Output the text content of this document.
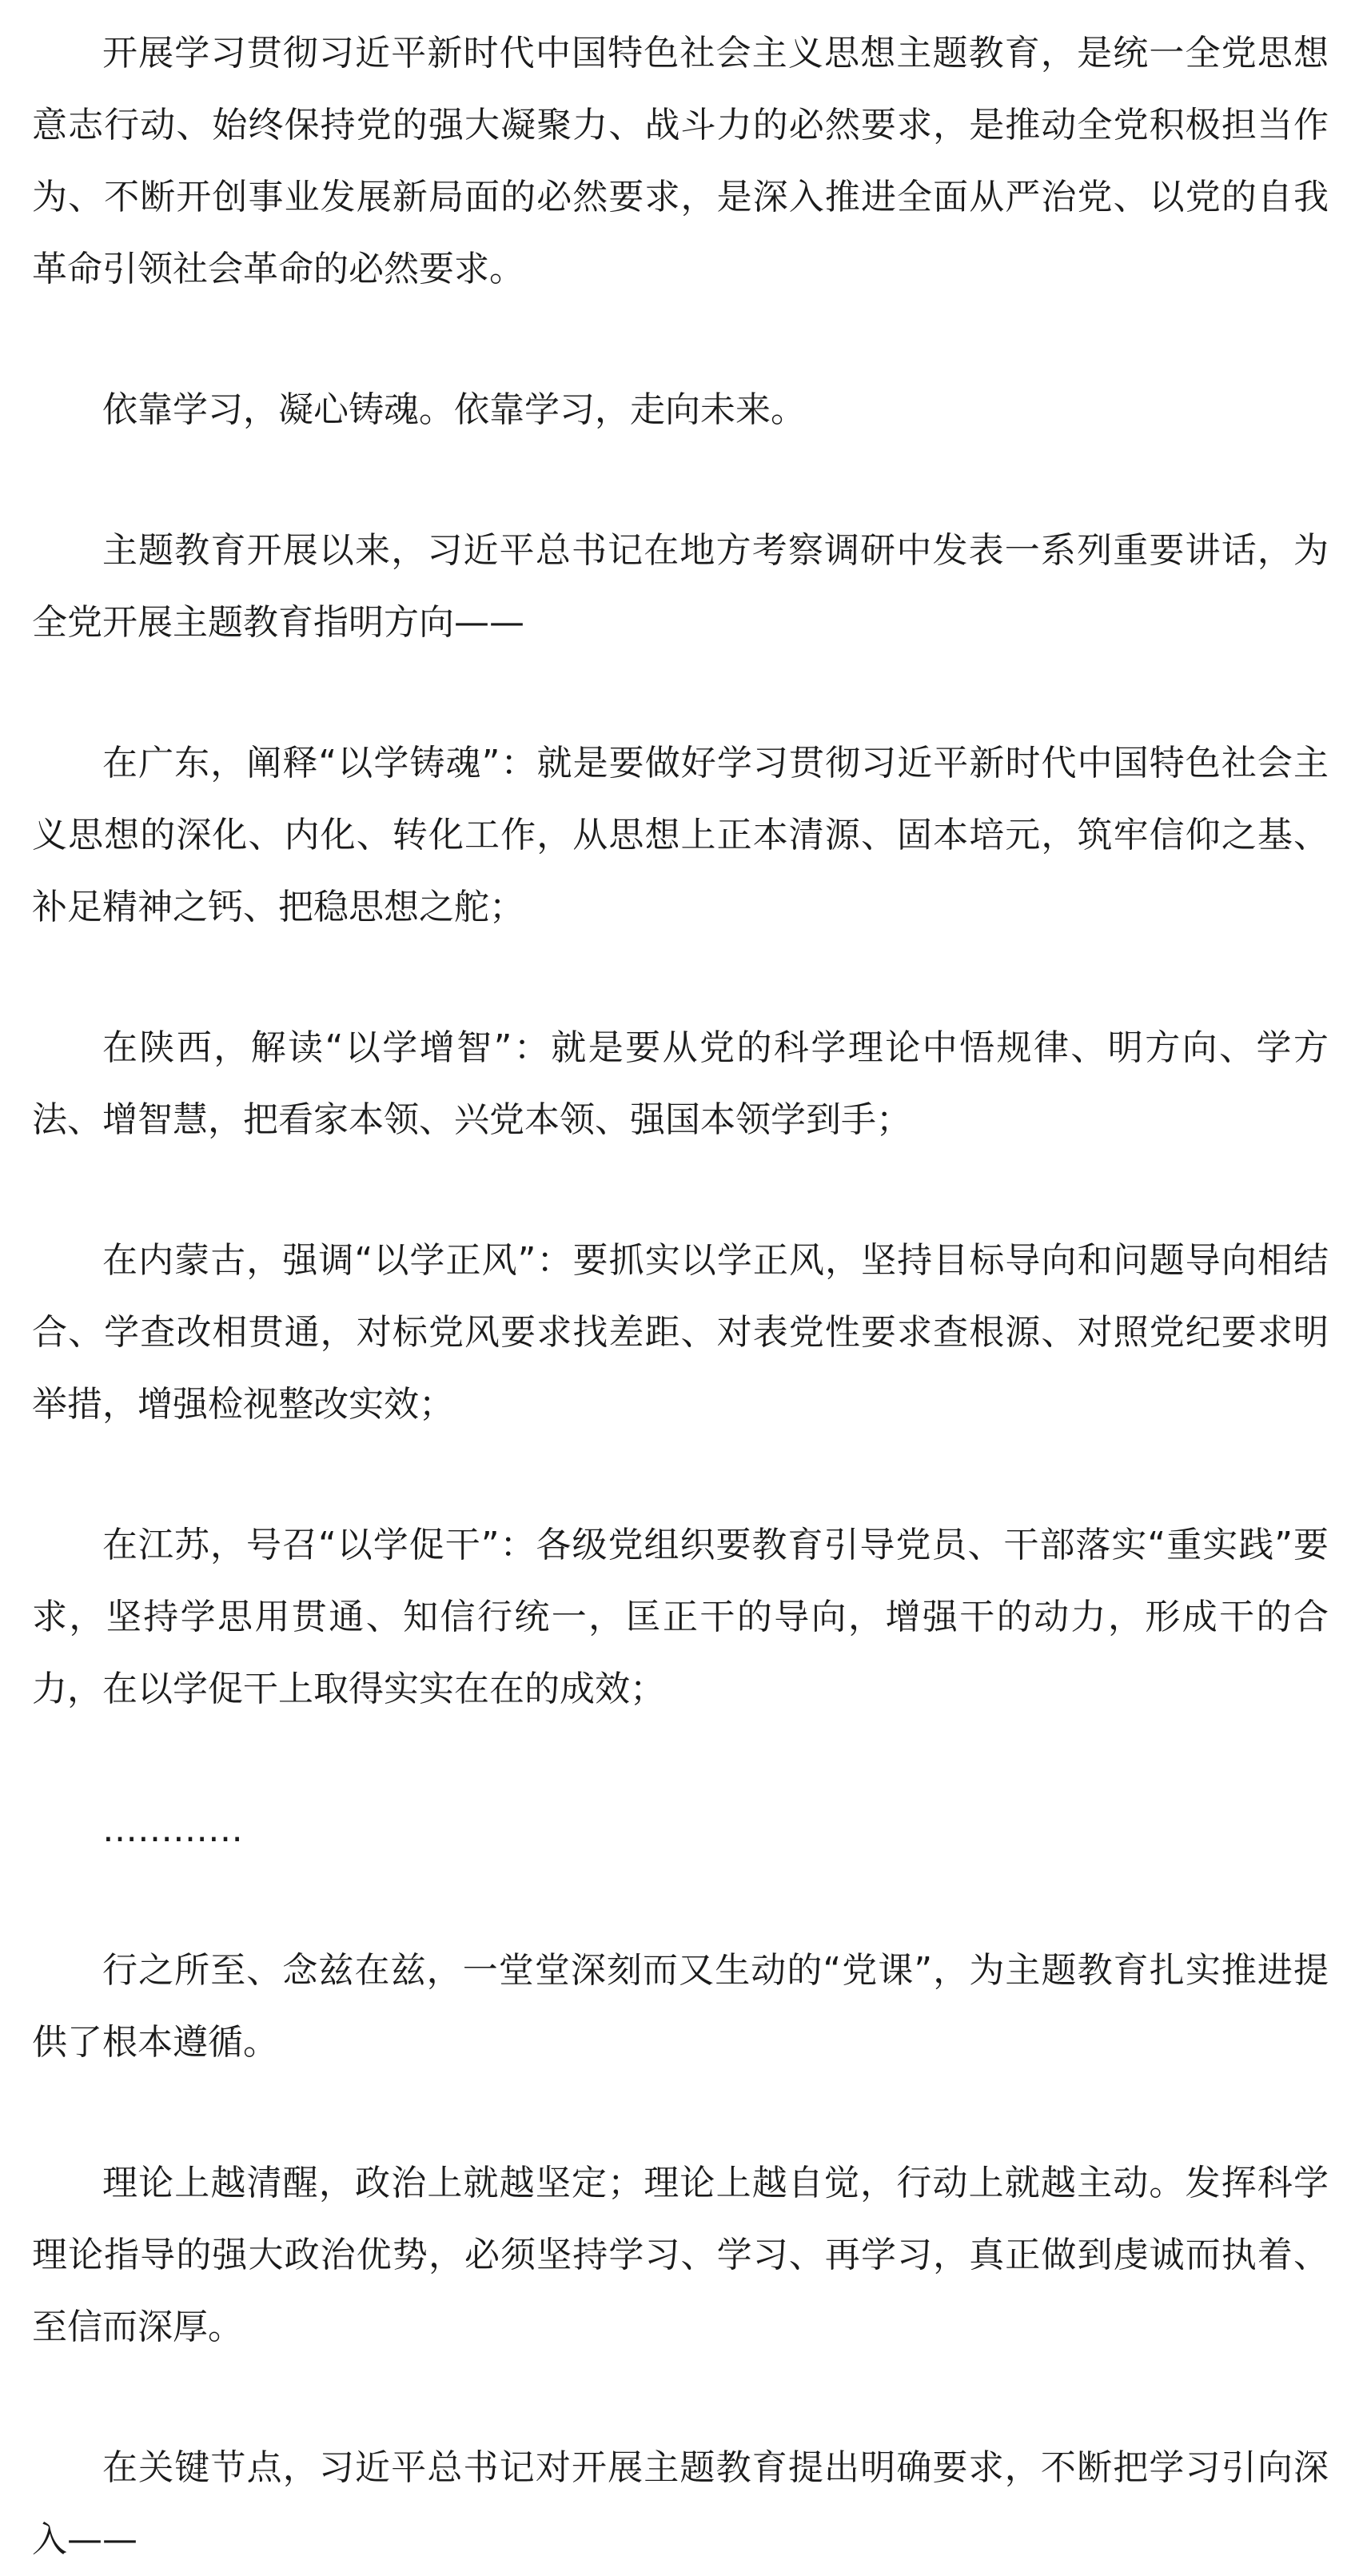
开展学习贯彻习近平新时代中国特色社会主义思想主题教育，是统一全党思想意志行动、始终保持党的强大凝聚力、战斗力的必然要求，是推动全党积极担当作为、不断开创事业发展新局面的必然要求，是深入推进全面从严治党、以党的自我革命引领社会革命的必然要求。

依靠学习，凝心铸魂。依靠学习，走向未来。

主题教育开展以来，习近平总书记在地方考察调研中发表一系列重要讲话，为全党开展主题教育指明方向——

在广东，阐释“以学铸魂”：就是要做好学习贯彻习近平新时代中国特色社会主义思想的深化、内化、转化工作，从思想上正本清源、固本培元，筑牢信仰之基、补足精神之钙、把稳思想之舵；

在陕西，解读“以学增智”：就是要从党的科学理论中悟规律、明方向、学方法、增智慧，把看家本领、兴党本领、强国本领学到手；

在内蒙古，强调“以学正风”：要抓实以学正风，坚持目标导向和问题导向相结合、学查改相贯通，对标党风要求找差距、对表党性要求查根源、对照党纪要求明举措，增强检视整改实效；

在江苏，号召“以学促干”：各级党组织要教育引导党员、干部落实“重实践”要求，坚持学思用贯通、知信行统一，匡正干的导向，增强干的动力，形成干的合力，在以学促干上取得实实在在的成效；

…………

行之所至、念兹在兹，一堂堂深刻而又生动的“党课”，为主题教育扎实推进提供了根本遵循。

理论上越清醒，政治上就越坚定；理论上越自觉，行动上就越主动。发挥科学理论指导的强大政治优势，必须坚持学习、学习、再学习，真正做到虔诚而执着、至信而深厚。

在关键节点，习近平总书记对开展主题教育提出明确要求，不断把学习引向深入——
